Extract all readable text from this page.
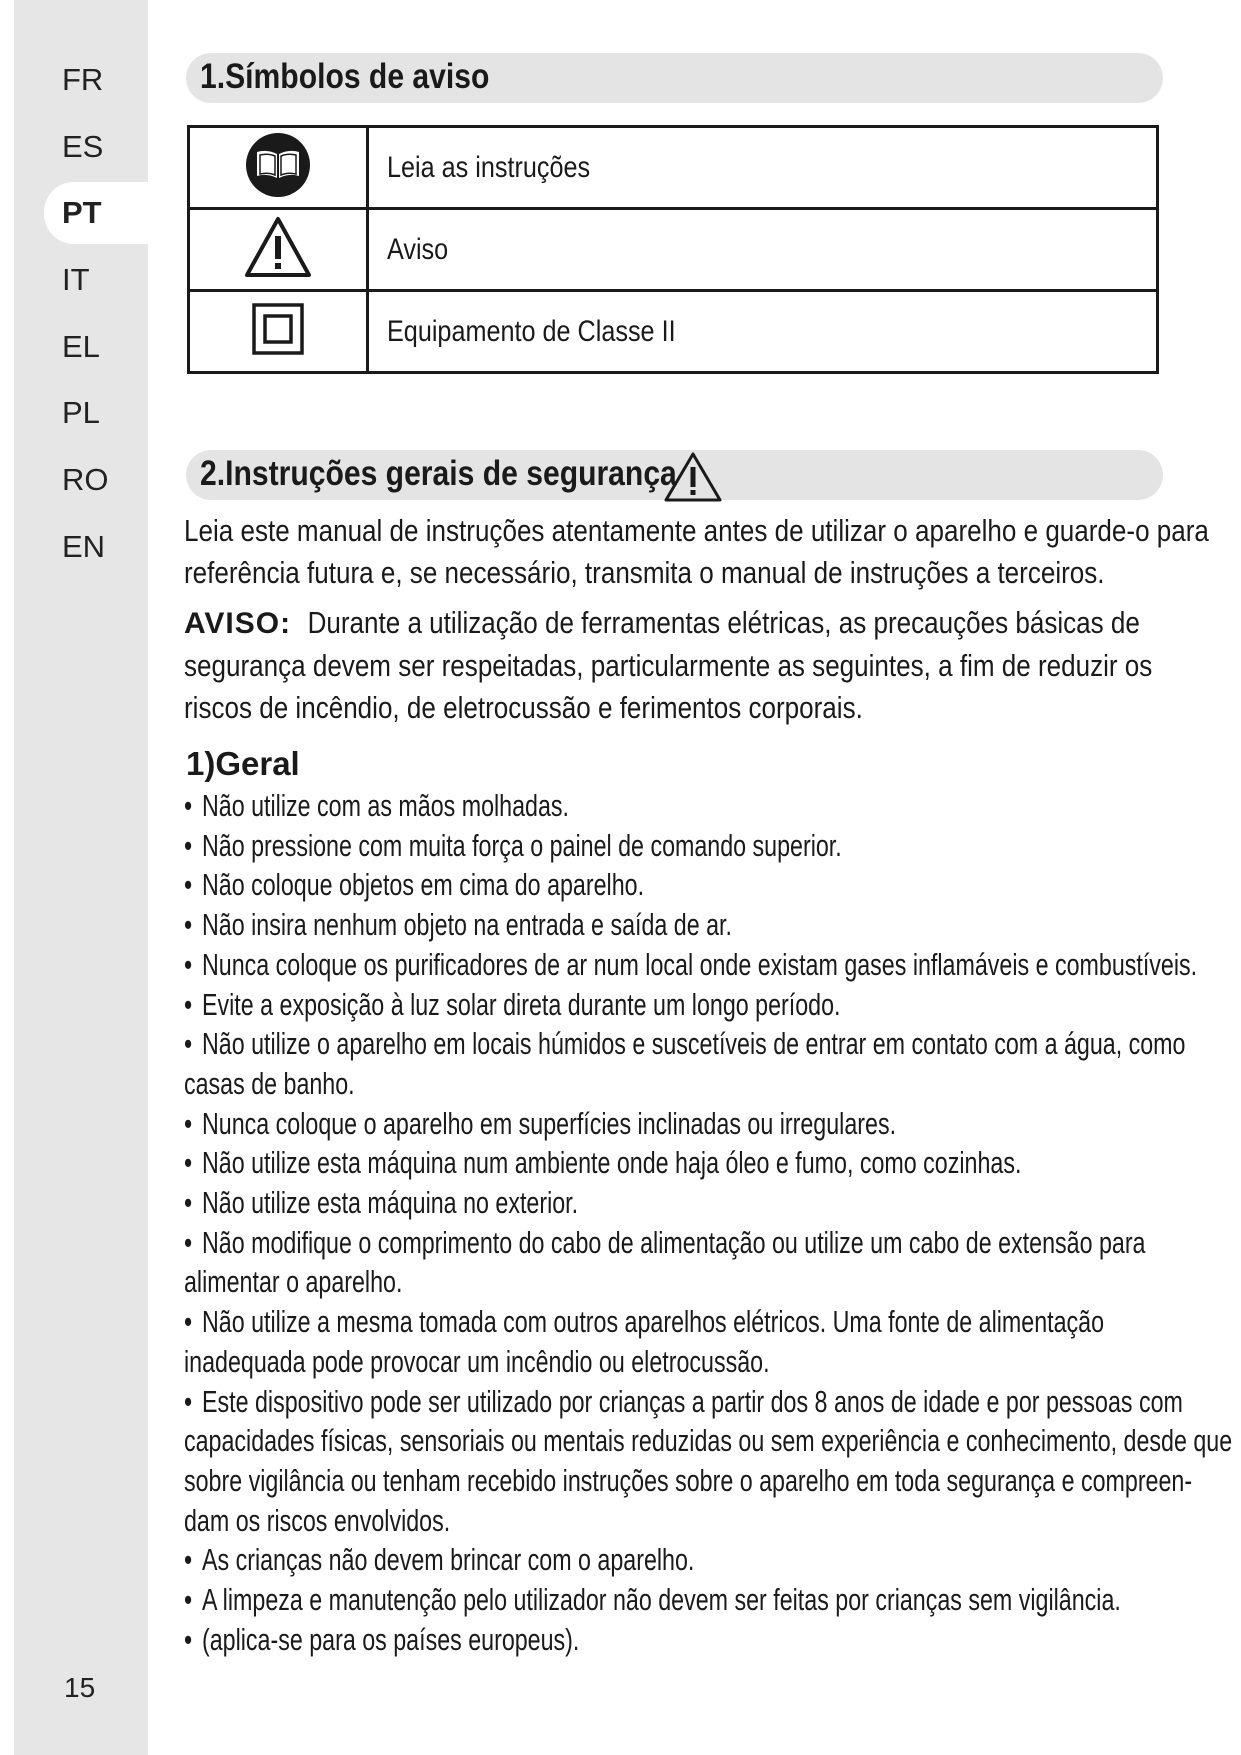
FR
ES
PT
IT
EL
PL
RO
EN
15
1.Símbolos de aviso
	Leia as instruções
	Aviso
	Equipamento de Classe II
2.Instruções gerais de segurança
Leia este manual de instruções atentamente antes de utilizar o aparelho e guarde-o para
referência futura e, se necessário, transmita o manual de instruções a terceiros.
AVISO: Durante a utilização de ferramentas elétricas, as precauções básicas de
segurança devem ser respeitadas, particularmente as seguintes, a fim de reduzir os
riscos de incêndio, de eletrocussão e ferimentos corporais.
1)Geral
• Não utilize com as mãos molhadas.
• Não pressione com muita força o painel de comando superior.
• Não coloque objetos em cima do aparelho.
• Não insira nenhum objeto na entrada e saída de ar.
• Nunca coloque os purificadores de ar num local onde existam gases inflamáveis e combustíveis.
• Evite a exposição à luz solar direta durante um longo período.
• Não utilize o aparelho em locais húmidos e suscetíveis de entrar em contato com a água, como
casas de banho.
• Nunca coloque o aparelho em superfícies inclinadas ou irregulares.
• Não utilize esta máquina num ambiente onde haja óleo e fumo, como cozinhas.
• Não utilize esta máquina no exterior.
• Não modifique o comprimento do cabo de alimentação ou utilize um cabo de extensão para
alimentar o aparelho.
• Não utilize a mesma tomada com outros aparelhos elétricos. Uma fonte de alimentação
inadequada pode provocar um incêndio ou eletrocussão.
• Este dispositivo pode ser utilizado por crianças a partir dos 8 anos de idade e por pessoas com
capacidades físicas, sensoriais ou mentais reduzidas ou sem experiência e conhecimento, desde que
sobre vigilância ou tenham recebido instruções sobre o aparelho em toda segurança e compreen-
dam os riscos envolvidos.
• As crianças não devem brincar com o aparelho.
• A limpeza e manutenção pelo utilizador não devem ser feitas por crianças sem vigilância.
• (aplica-se para os países europeus).
